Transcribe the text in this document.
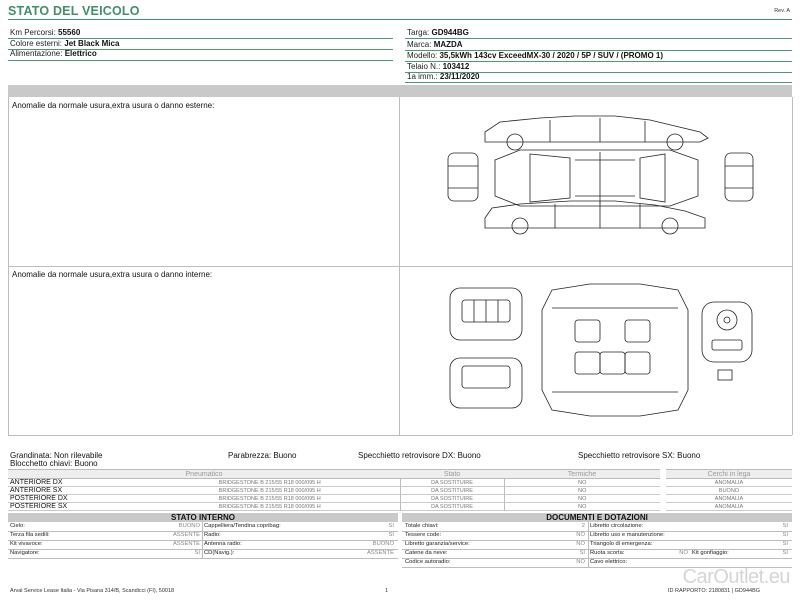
STATO DEL VEICOLO	Rev. A
Km Percorsi: 55560
Colore esterni: Jet Black Mica
Alimentazione: Elettrico
Targa: GD944BG
Marca: MAZDA
Modello: 35,5kWh 143cv ExceedMX-30 / 2020 / 5P / SUV / (PROMO 1)
Telaio N.: 103412
1a imm.: 23/11/2020
Anomalie da normale usura,extra usura o danno esterne:
Anomalie da normale usura,extra usura o danno interne:
Grandinata: Non rilevabile	Parabrezza: Buono	Specchietto retrovisore DX: Buono	Specchietto retrovisore SX: Buono
Blocchetto chiavi: Buono
Pneumatico		Stato	Termiche		Cerchi in lega
ANTERIORE DX	BRIDGESTONE B 215/55 R18 000/095 H	DA SOSTITUIRE	NO		ANOMALIA
ANTERIORE SX	BRIDGESTONE B 215/55 R18 000/095 H	DA SOSTITUIRE	NO		BUONO
POSTERIORE DX	BRIDGESTONE B 215/55 R18 000/095 H	DA SOSTITUIRE	NO		ANOMALIA
POSTERIORE SX	BRIDGESTONE B 215/55 R18 000/095 H	DA SOSTITUIRE	NO		ANOMALIA
STATO INTERNO
Cielo:	BUONO
Terza fila sedili:	ASSENTE
Kit vivavoce:	ASSENTE
Navigatore:	SI
Cappelliera/Tendina copribag:	SI
Radio:	SI
Antenna radio:	BUONO
CD(Navig.):	ASSENTE
DOCUMENTI E DOTAZIONI
Totale chiavi:	2
Tessere code:	NO
Libretto garanzia/service:	NO
Catene da neve:	SI
Codice autoradio:	NO
Libretto circolazione:	SI
Libretto uso e manutenzione:	SI
Triangolo di emergenza:	SI
Ruota scorta:	NO Kit gonfiaggio:	SI
Cavo elettrico:
CarOutlet.eu
Arval Service Lease Italia - Via Pisana 314/B, Scandicci (FI), 50018	1	ID RAPPORTO: 2180831 | GD944BG
